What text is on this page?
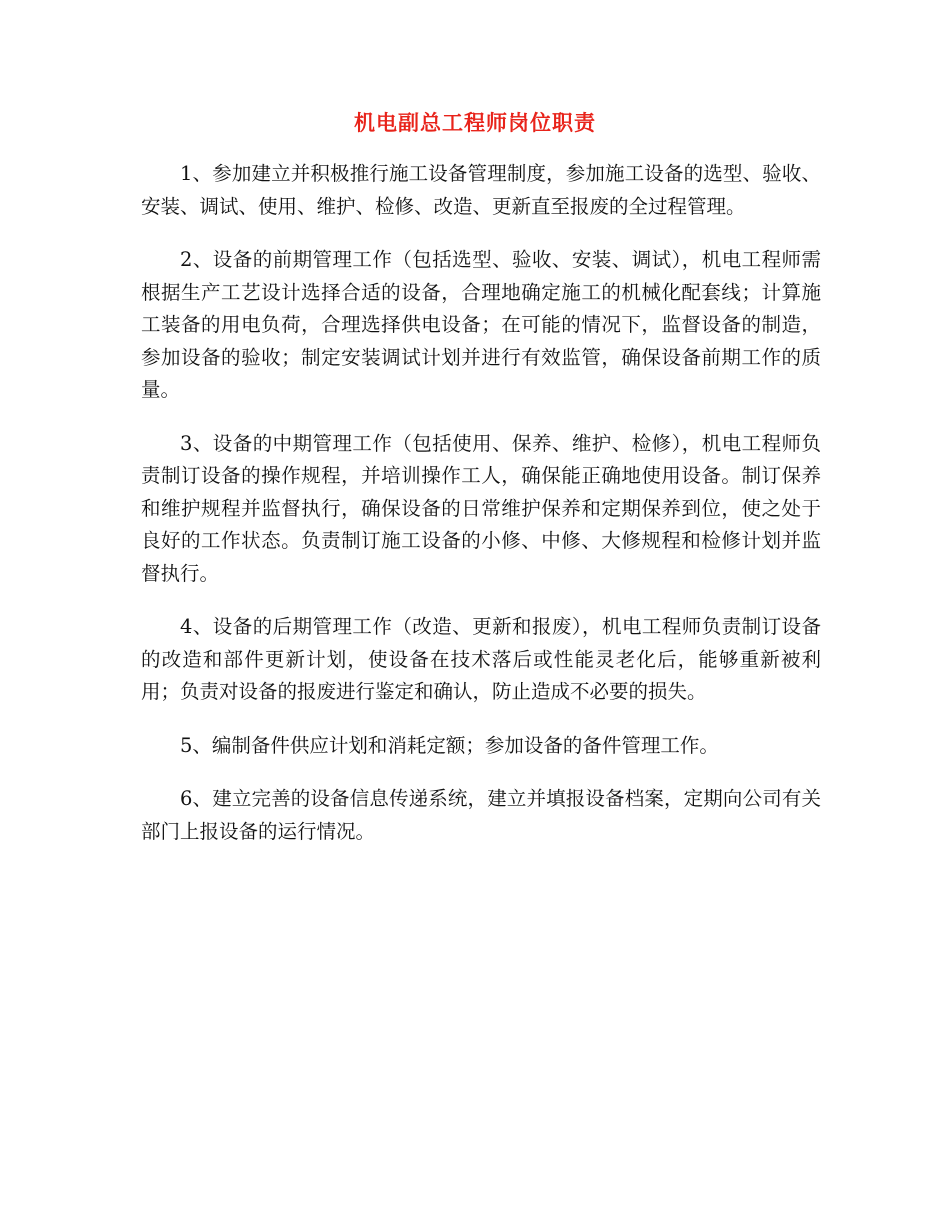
机电副总工程师岗位职责

1、参加建立并积极推行施工设备管理制度，参加施工设备的选型、验收、安装、调试、使用、维护、检修、改造、更新直至报废的全过程管理。

2、设备的前期管理工作（包括选型、验收、安装、调试），机电工程师需根据生产工艺设计选择合适的设备，合理地确定施工的机械化配套线；计算施工装备的用电负荷，合理选择供电设备；在可能的情况下，监督设备的制造，参加设备的验收；制定安装调试计划并进行有效监管，确保设备前期工作的质量。

3、设备的中期管理工作（包括使用、保养、维护、检修），机电工程师负责制订设备的操作规程，并培训操作工人，确保能正确地使用设备。制订保养和维护规程并监督执行，确保设备的日常维护保养和定期保养到位，使之处于良好的工作状态。负责制订施工设备的小修、中修、大修规程和检修计划并监督执行。

4、设备的后期管理工作（改造、更新和报废），机电工程师负责制订设备的改造和部件更新计划，使设备在技术落后或性能灵老化后，能够重新被利用；负责对设备的报废进行鉴定和确认，防止造成不必要的损失。

5、编制备件供应计划和消耗定额；参加设备的备件管理工作。

6、建立完善的设备信息传递系统，建立并填报设备档案，定期向公司有关部门上报设备的运行情况。
